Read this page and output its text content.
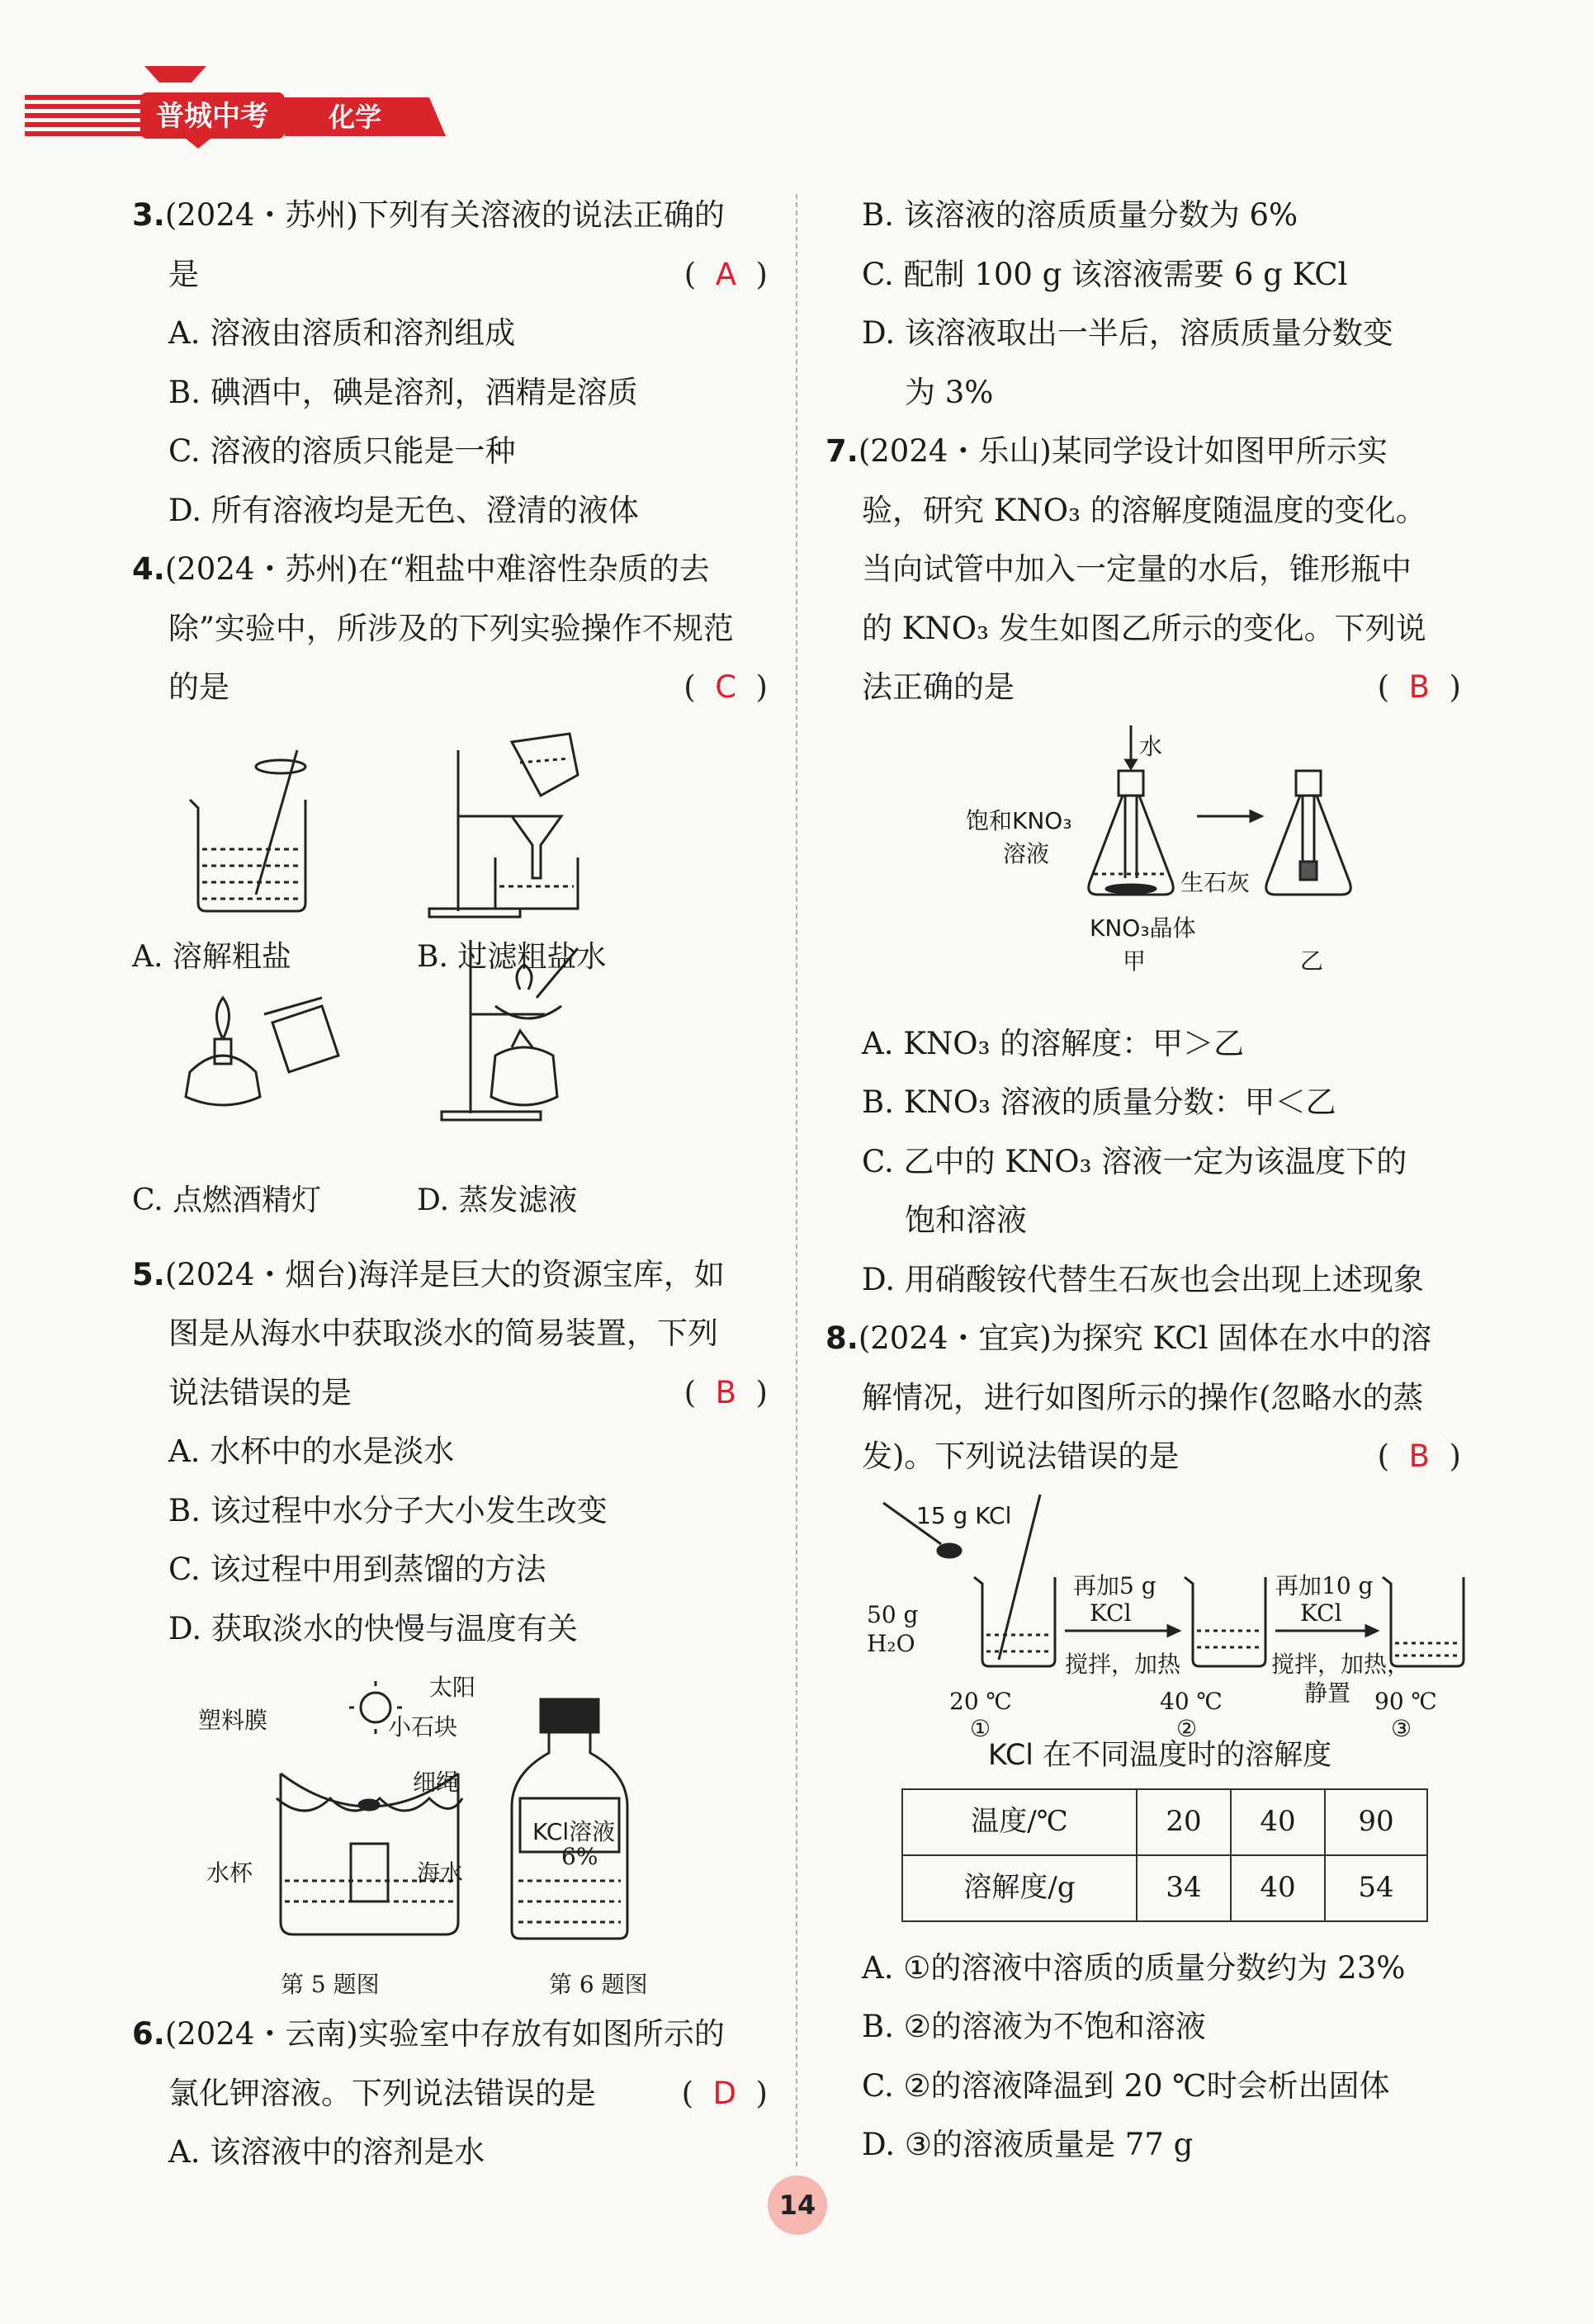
普城中考 化学
3.(2024・苏州)下列有关溶液的说法正确的
是	(  A  )
A. 溶液由溶质和溶剂组成
B. 碘酒中，碘是溶剂，酒精是溶质
C. 溶液的溶质只能是一种
D. 所有溶液均是无色、澄清的液体
4.(2024・苏州)在“粗盐中难溶性杂质的去
除”实验中，所涉及的下列实验操作不规范
的是	(  C  )
A. 溶解粗盐	B. 过滤粗盐水
C. 点燃酒精灯	D. 蒸发滤液
5.(2024・烟台)海洋是巨大的资源宝库，如
图是从海水中获取淡水的简易装置，下列
说法错误的是	(  B  )
A. 水杯中的水是淡水
B. 该过程中水分子大小发生改变
C. 该过程中用到蒸馏的方法
D. 获取淡水的快慢与温度有关
太阳
塑料膜	小石块
细绳
水杯	海水
KCl溶液
6%
第 5 题图	第 6 题图
6.(2024・云南)实验室中存放有如图所示的
氯化钾溶液。下列说法错误的是	(  D  )
A. 该溶液中的溶剂是水
B. 该溶液的溶质质量分数为 6%
C. 配制 100 g 该溶液需要 6 g KCl
D. 该溶液取出一半后，溶质质量分数变
为 3%
7.(2024・乐山)某同学设计如图甲所示实
验，研究 KNO₃ 的溶解度随温度的变化。
当向试管中加入一定量的水后，锥形瓶中
的 KNO₃ 发生如图乙所示的变化。下列说
法正确的是	(  B  )
水
饱和KNO₃
溶液
生石灰
KNO₃晶体
甲	乙
A. KNO₃ 的溶解度：甲＞乙
B. KNO₃ 溶液的质量分数：甲＜乙
C. 乙中的 KNO₃ 溶液一定为该温度下的
饱和溶液
D. 用硝酸铵代替生石灰也会出现上述现象
8.(2024・宜宾)为探究 KCl 固体在水中的溶
解情况，进行如图所示的操作(忽略水的蒸
发)。下列说法错误的是	(  B  )
15 g KCl
50 g
H₂O
再加5 g
KCl
搅拌，加热
再加10 g
KCl
搅拌，加热，
静置
20 ℃	40 ℃	90 ℃
①	②	③
KCl 在不同温度时的溶解度
温度/℃	20	40	90
溶解度/g	34	40	54
A. ①的溶液中溶质的质量分数约为 23%
B. ②的溶液为不饱和溶液
C. ②的溶液降温到 20 ℃时会析出固体
D. ③的溶液质量是 77 g
14
